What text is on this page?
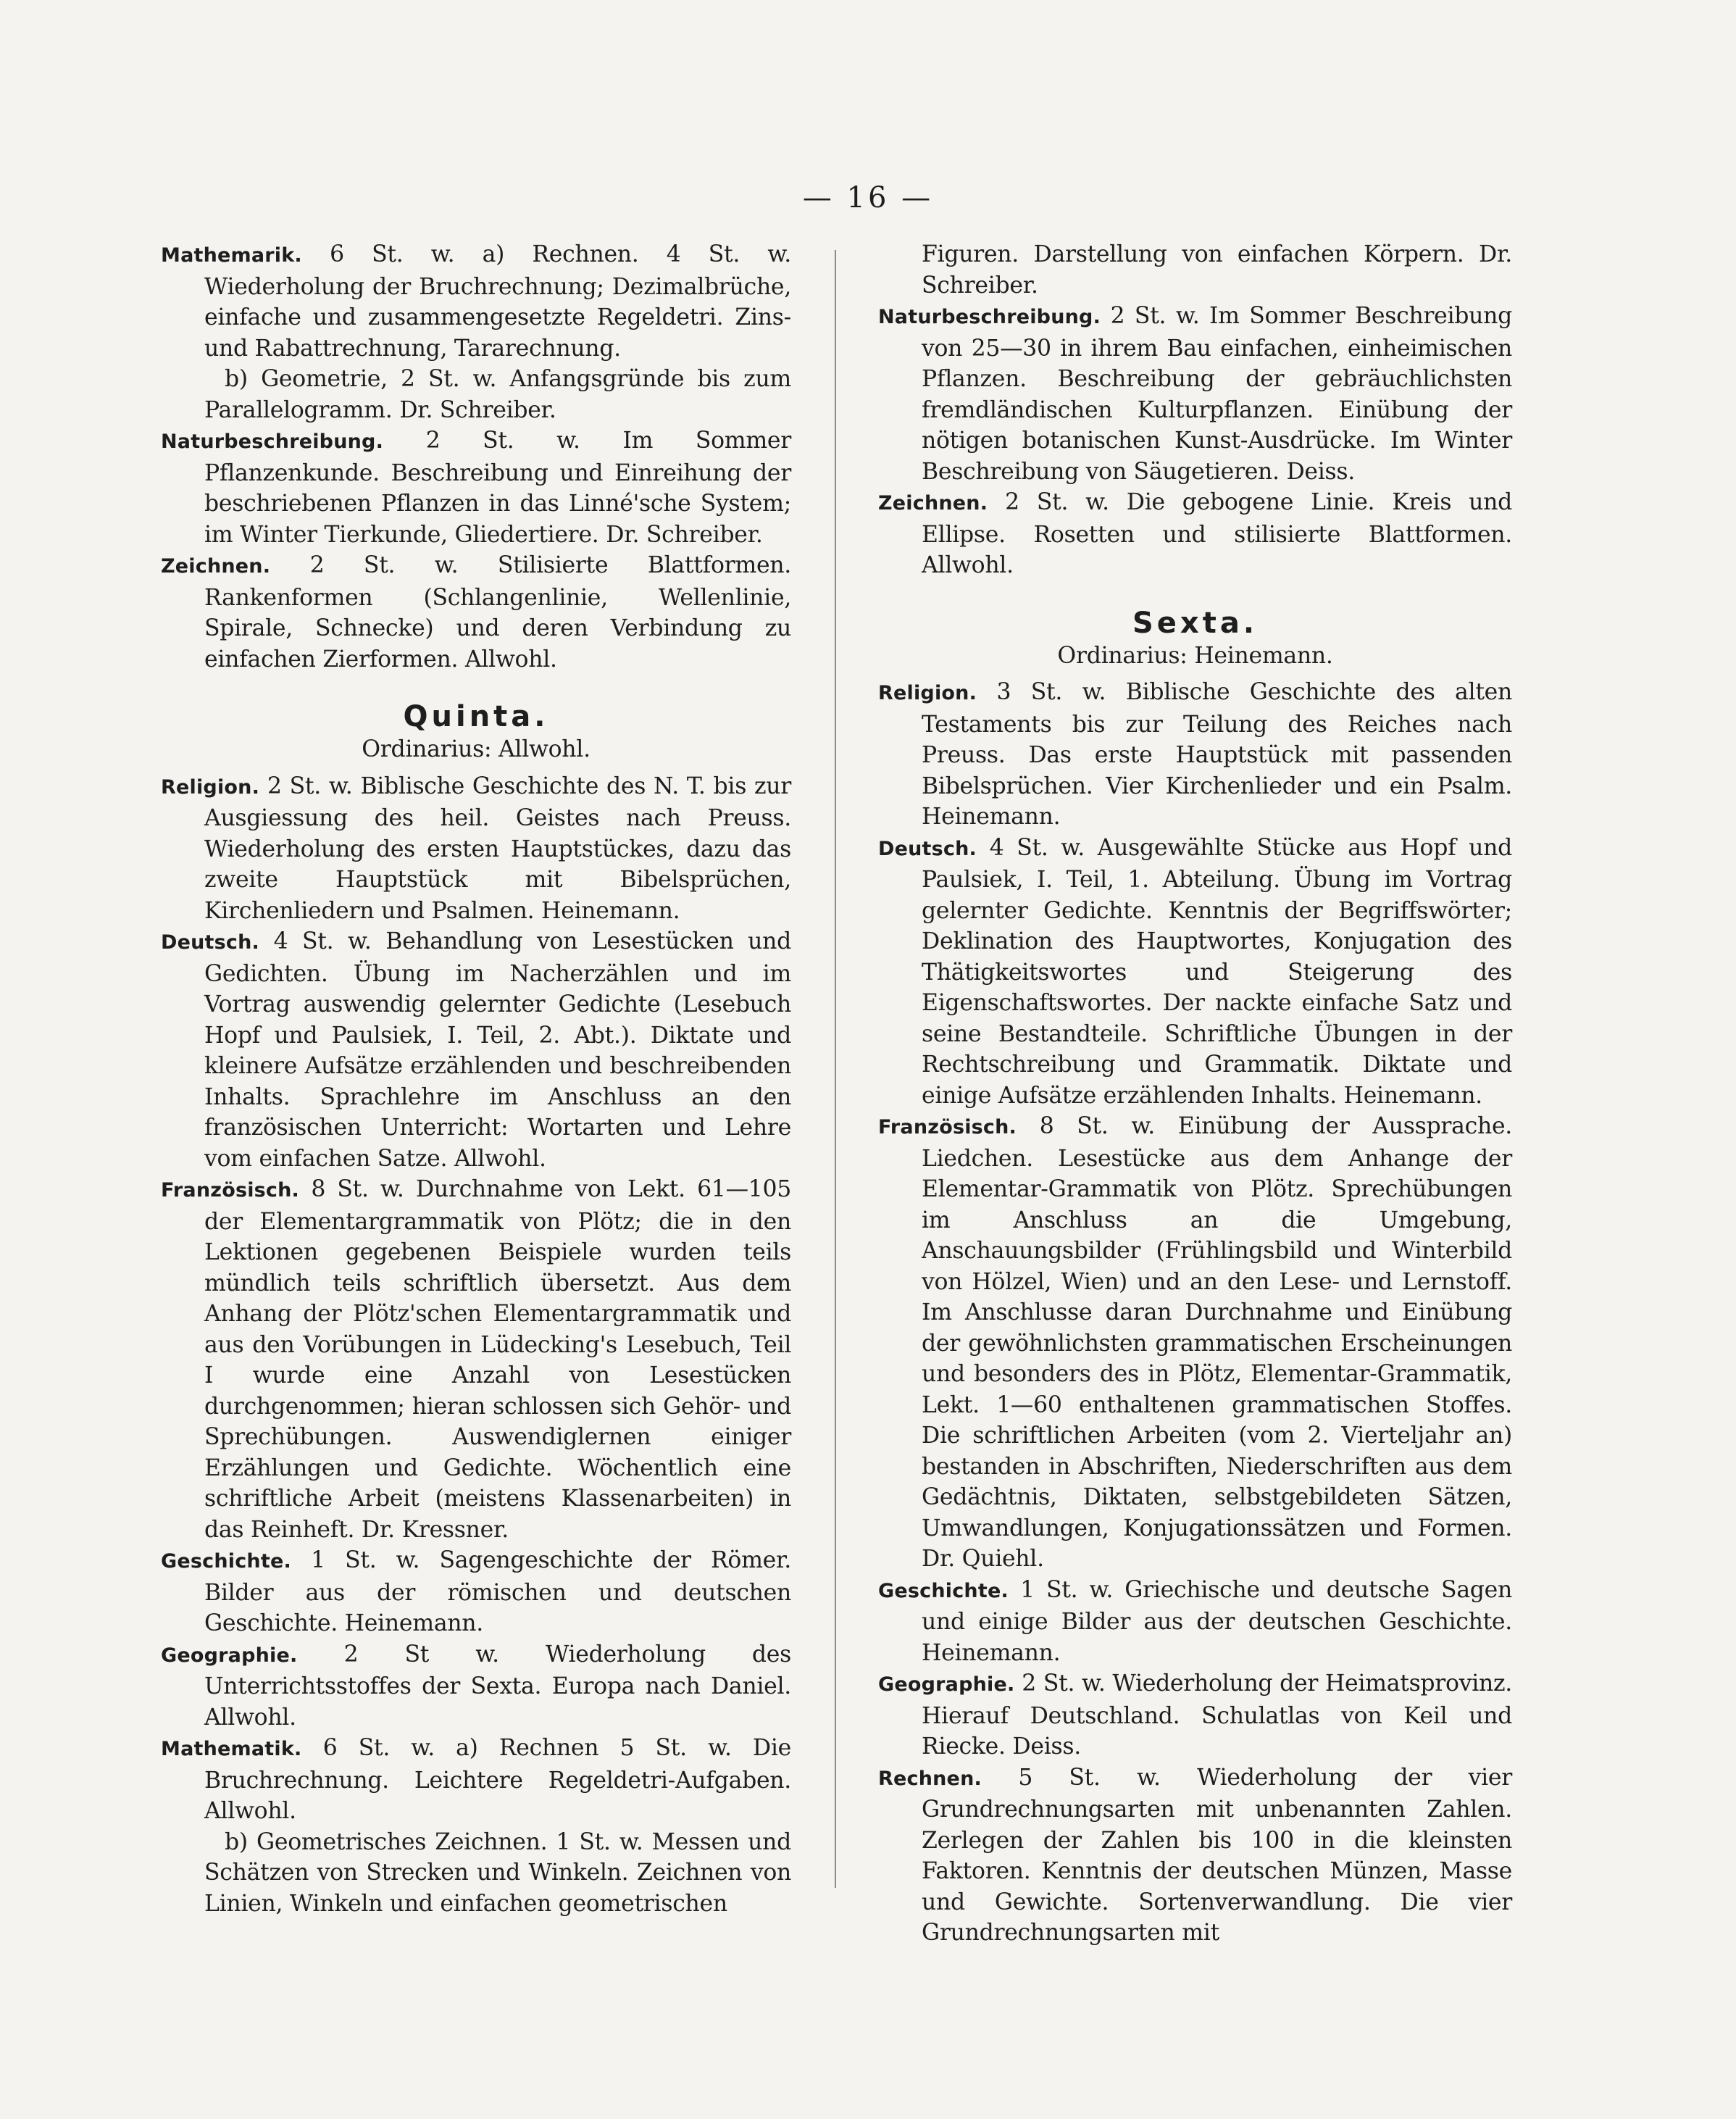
— 16 —

Mathemarik. 6 St. w. a) Rechnen. 4 St. w. Wiederholung der Bruchrechnung; Dezimalbrüche, einfache und zusammengesetzte Regeldetri. Zins- und Rabattrechnung, Tararechnung.

b) Geometrie, 2 St. w. Anfangsgründe bis zum Parallelogramm. Dr. Schreiber.

Naturbeschreibung. 2 St. w. Im Sommer Pflanzenkunde. Beschreibung und Einreihung der beschriebenen Pflanzen in das Linné'sche System; im Winter Tierkunde, Gliedertiere. Dr. Schreiber.

Zeichnen. 2 St. w. Stilisierte Blattformen. Rankenformen (Schlangenlinie, Wellenlinie, Spirale, Schnecke) und deren Verbindung zu einfachen Zierformen. Allwohl.

Quinta.
Ordinarius: Allwohl.

Religion. 2 St. w. Biblische Geschichte des N. T. bis zur Ausgiessung des heil. Geistes nach Preuss. Wiederholung des ersten Hauptstückes, dazu das zweite Hauptstück mit Bibelsprüchen, Kirchenliedern und Psalmen. Heinemann.

Deutsch. 4 St. w. Behandlung von Lesestücken und Gedichten. Übung im Nacherzählen und im Vortrag auswendig gelernter Gedichte (Lesebuch Hopf und Paulsiek, I. Teil, 2. Abt.). Diktate und kleinere Aufsätze erzählenden und beschreibenden Inhalts. Sprachlehre im Anschluss an den französischen Unterricht: Wortarten und Lehre vom einfachen Satze. Allwohl.

Französisch. 8 St. w. Durchnahme von Lekt. 61—105 der Elementargrammatik von Plötz; die in den Lektionen gegebenen Beispiele wurden teils mündlich teils schriftlich übersetzt. Aus dem Anhang der Plötz'schen Elementargrammatik und aus den Vorübungen in Lüdecking's Lesebuch, Teil I wurde eine Anzahl von Lesestücken durchgenommen; hieran schlossen sich Gehör- und Sprechübungen. Auswendiglernen einiger Erzählungen und Gedichte. Wöchentlich eine schriftliche Arbeit (meistens Klassenarbeiten) in das Reinheft. Dr. Kressner.

Geschichte. 1 St. w. Sagengeschichte der Römer. Bilder aus der römischen und deutschen Geschichte. Heinemann.

Geographie. 2 St w. Wiederholung des Unterrichtsstoffes der Sexta. Europa nach Daniel. Allwohl.

Mathematik. 6 St. w. a) Rechnen 5 St. w. Die Bruchrechnung. Leichtere Regeldetri-Aufgaben. Allwohl.

b) Geometrisches Zeichnen. 1 St. w. Messen und Schätzen von Strecken und Winkeln. Zeichnen von Linien, Winkeln und einfachen geometrischen

Figuren. Darstellung von einfachen Körpern. Dr. Schreiber.

Naturbeschreibung. 2 St. w. Im Sommer Beschreibung von 25—30 in ihrem Bau einfachen, einheimischen Pflanzen. Beschreibung der gebräuchlichsten fremdländischen Kulturpflanzen. Einübung der nötigen botanischen Kunst-Ausdrücke. Im Winter Beschreibung von Säugetieren. Deiss.

Zeichnen. 2 St. w. Die gebogene Linie. Kreis und Ellipse. Rosetten und stilisierte Blattformen. Allwohl.

Sexta.
Ordinarius: Heinemann.

Religion. 3 St. w. Biblische Geschichte des alten Testaments bis zur Teilung des Reiches nach Preuss. Das erste Hauptstück mit passenden Bibelsprüchen. Vier Kirchenlieder und ein Psalm. Heinemann.

Deutsch. 4 St. w. Ausgewählte Stücke aus Hopf und Paulsiek, I. Teil, 1. Abteilung. Übung im Vortrag gelernter Gedichte. Kenntnis der Begriffswörter; Deklination des Hauptwortes, Konjugation des Thätigkeitswortes und Steigerung des Eigenschaftswortes. Der nackte einfache Satz und seine Bestandteile. Schriftliche Übungen in der Rechtschreibung und Grammatik. Diktate und einige Aufsätze erzählenden Inhalts. Heinemann.

Französisch. 8 St. w. Einübung der Aussprache. Liedchen. Lesestücke aus dem Anhange der Elementar-Grammatik von Plötz. Sprechübungen im Anschluss an die Umgebung, Anschauungsbilder (Frühlingsbild und Winterbild von Hölzel, Wien) und an den Lese- und Lernstoff. Im Anschlusse daran Durchnahme und Einübung der gewöhnlichsten grammatischen Erscheinungen und besonders des in Plötz, Elementar-Grammatik, Lekt. 1—60 enthaltenen grammatischen Stoffes. Die schriftlichen Arbeiten (vom 2. Vierteljahr an) bestanden in Abschriften, Niederschriften aus dem Gedächtnis, Diktaten, selbstgebildeten Sätzen, Umwandlungen, Konjugationssätzen und Formen. Dr. Quiehl.

Geschichte. 1 St. w. Griechische und deutsche Sagen und einige Bilder aus der deutschen Geschichte. Heinemann.

Geographie. 2 St. w. Wiederholung der Heimatsprovinz. Hierauf Deutschland. Schulatlas von Keil und Riecke. Deiss.

Rechnen. 5 St. w. Wiederholung der vier Grundrechnungsarten mit unbenannten Zahlen. Zerlegen der Zahlen bis 100 in die kleinsten Faktoren. Kenntnis der deutschen Münzen, Masse und Gewichte. Sortenverwandlung. Die vier Grundrechnungsarten mit
